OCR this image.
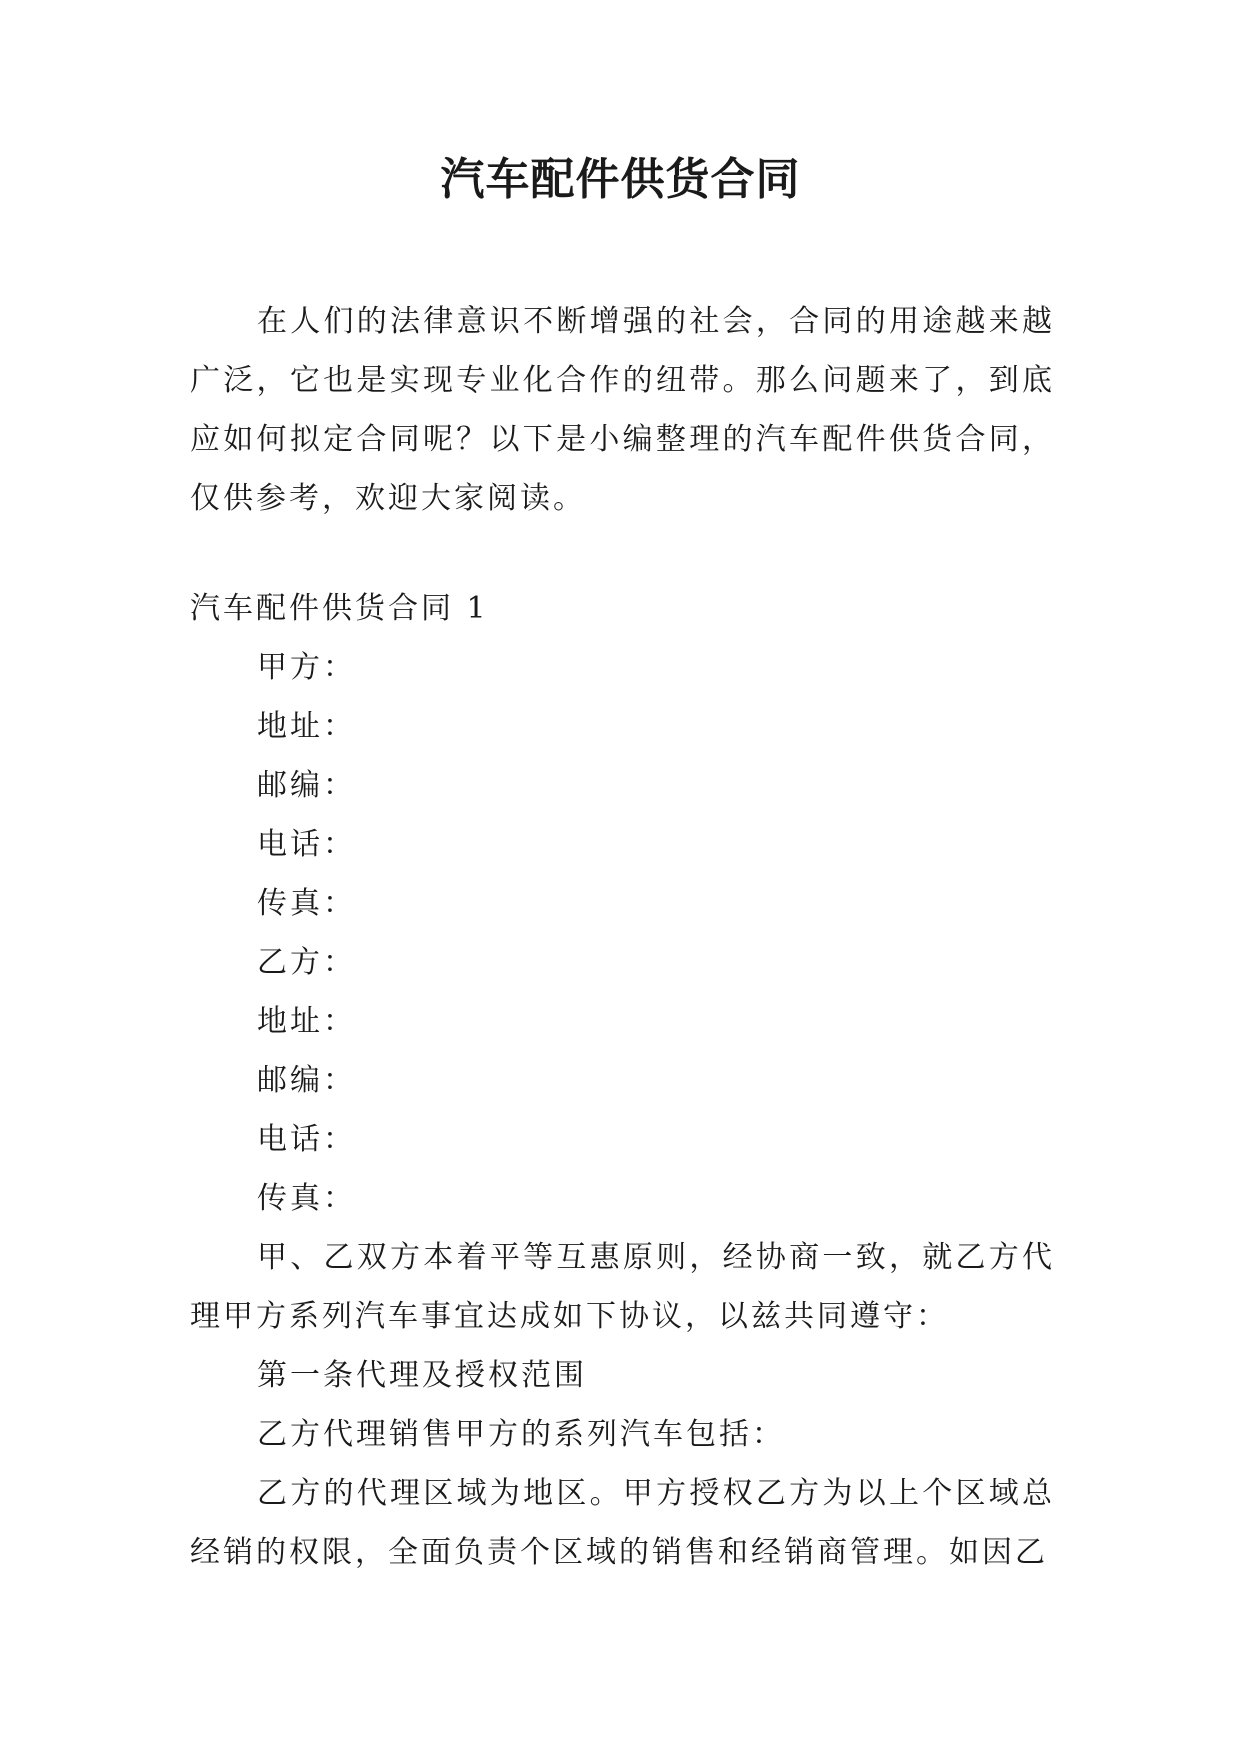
汽车配件供货合同

在人们的法律意识不断增强的社会，合同的用途越来越广泛，它也是实现专业化合作的纽带。那么问题来了，到底应如何拟定合同呢？以下是小编整理的汽车配件供货合同，仅供参考，欢迎大家阅读。

汽车配件供货合同 1

甲方：

地址：

邮编：

电话：

传真：

乙方：

地址：

邮编：

电话：

传真：

甲、乙双方本着平等互惠原则，经协商一致，就乙方代理甲方系列汽车事宜达成如下协议，以兹共同遵守：

第一条代理及授权范围

乙方代理销售甲方的系列汽车包括：

乙方的代理区域为地区。甲方授权乙方为以上个区域总经销的权限，全面负责个区域的销售和经销商管理。如因乙
